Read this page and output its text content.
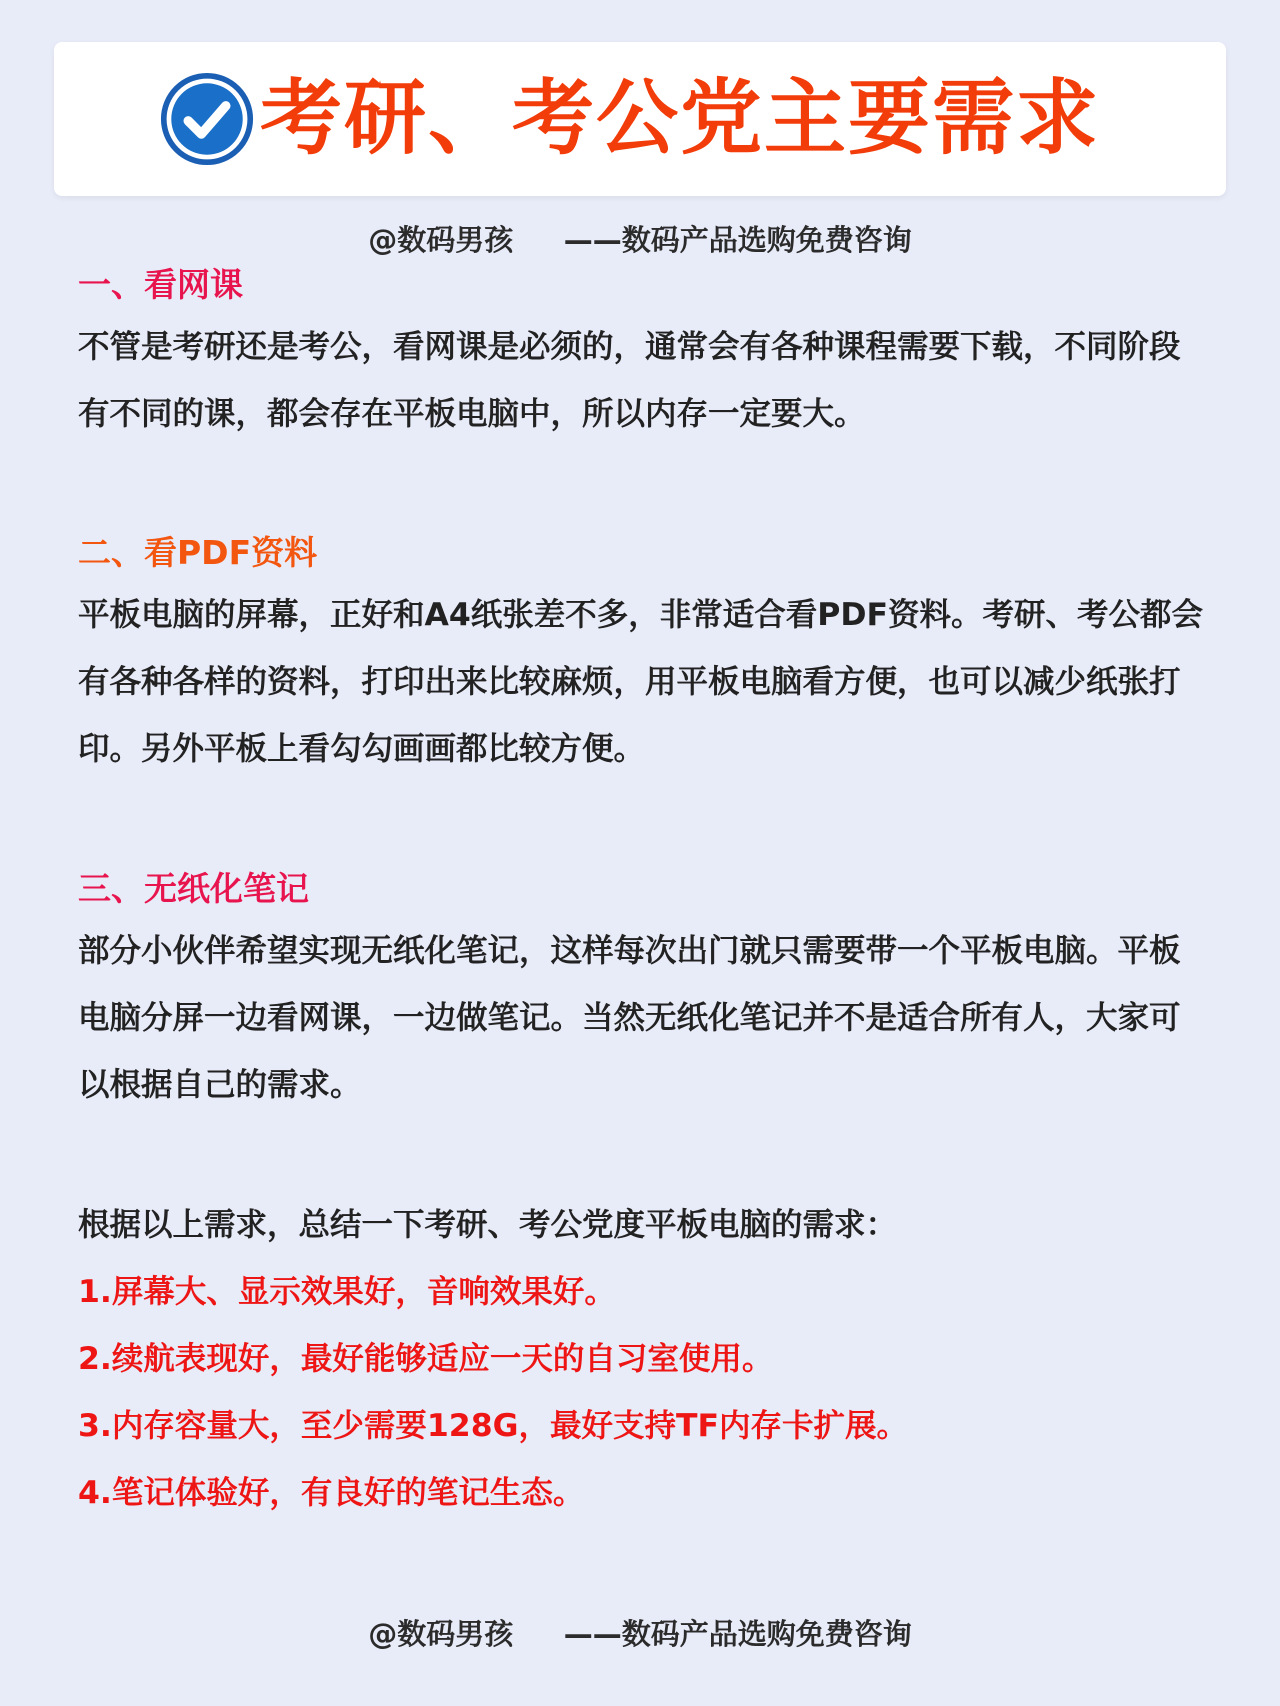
考研、考公党主要需求
@数码男孩     ——数码产品选购免费咨询
一、看网课

不管是考研还是考公，看网课是必须的，通常会有各种课程需要下载，不同阶段有不同的课，都会存在平板电脑中，所以内存一定要大。

二、看PDF资料

平板电脑的屏幕，正好和A4纸张差不多，非常适合看PDF资料。考研、考公都会有各种各样的资料，打印出来比较麻烦，用平板电脑看方便，也可以减少纸张打印。另外平板上看勾勾画画都比较方便。

三、无纸化笔记

部分小伙伴希望实现无纸化笔记，这样每次出门就只需要带一个平板电脑。平板电脑分屏一边看网课，一边做笔记。当然无纸化笔记并不是适合所有人，大家可以根据自己的需求。

根据以上需求，总结一下考研、考公党度平板电脑的需求：

1.屏幕大、显示效果好，音响效果好。
2.续航表现好，最好能够适应一天的自习室使用。
3.内存容量大，至少需要128G，最好支持TF内存卡扩展。
4.笔记体验好，有良好的笔记生态。
@数码男孩     ——数码产品选购免费咨询
